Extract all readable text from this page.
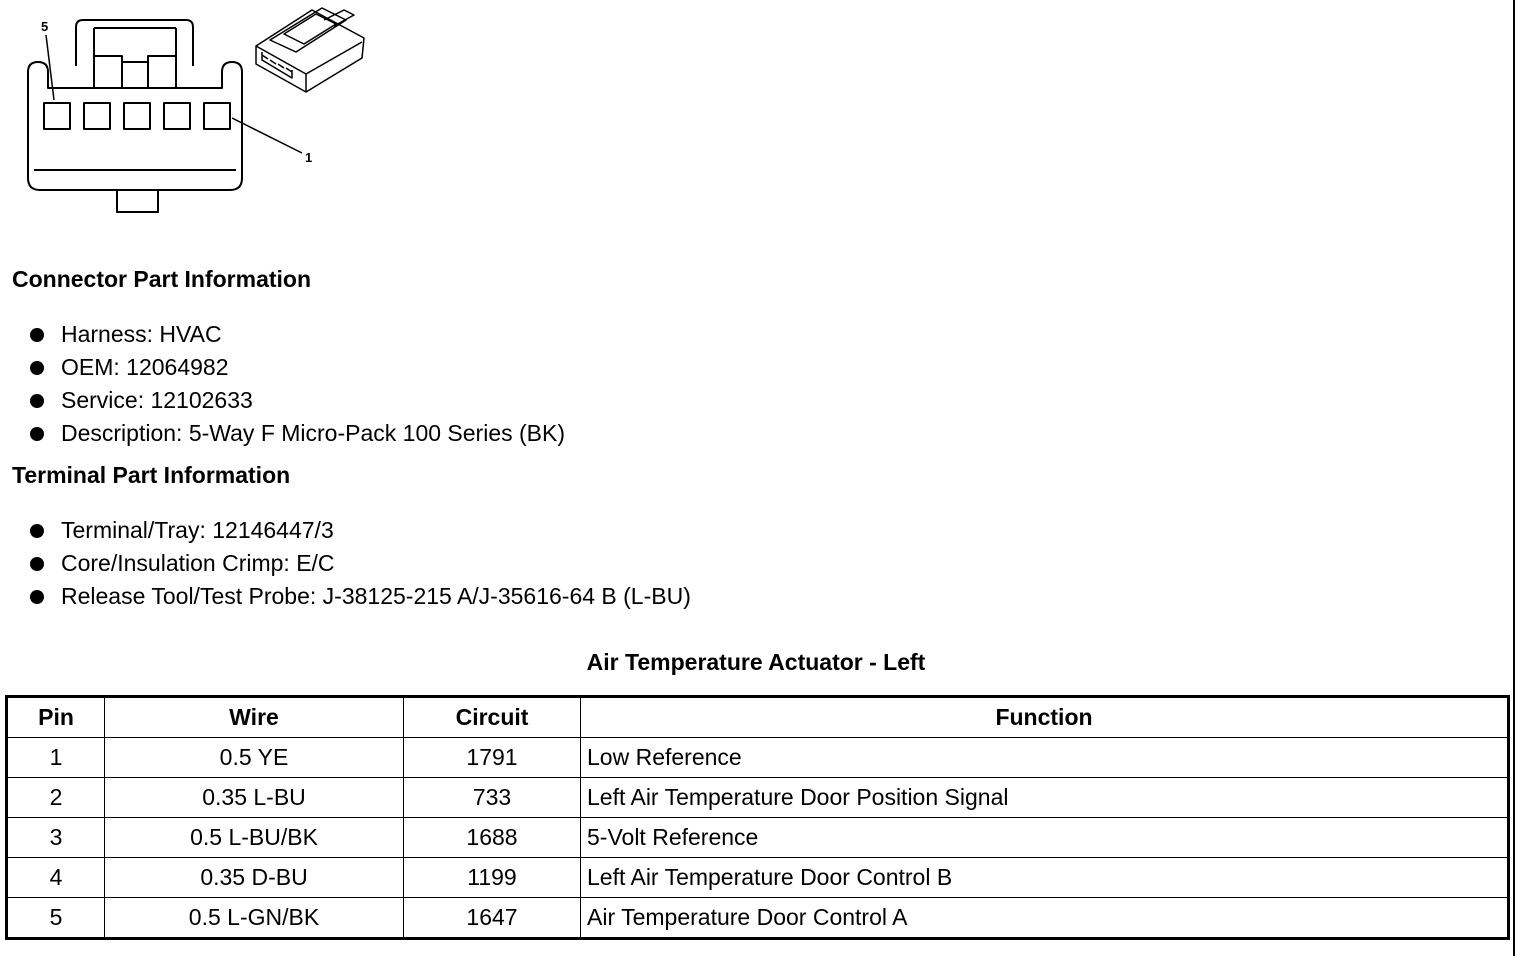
5
1
Connector Part Information
Harness: HVAC
OEM: 12064982
Service: 12102633
Description: 5-Way F Micro-Pack 100 Series (BK)
Terminal Part Information
Terminal/Tray: 12146447/3
Core/Insulation Crimp: E/C
Release Tool/Test Probe: J-38125-215 A/J-35616-64 B (L-BU)
Air Temperature Actuator - Left
Pin	Wire	Circuit	Function
1	0.5 YE	1791	Low Reference
2	0.35 L-BU	733	Left Air Temperature Door Position Signal
3	0.5 L-BU/BK	1688	5-Volt Reference
4	0.35 D-BU	1199	Left Air Temperature Door Control B
5	0.5 L-GN/BK	1647	Air Temperature Door Control A
